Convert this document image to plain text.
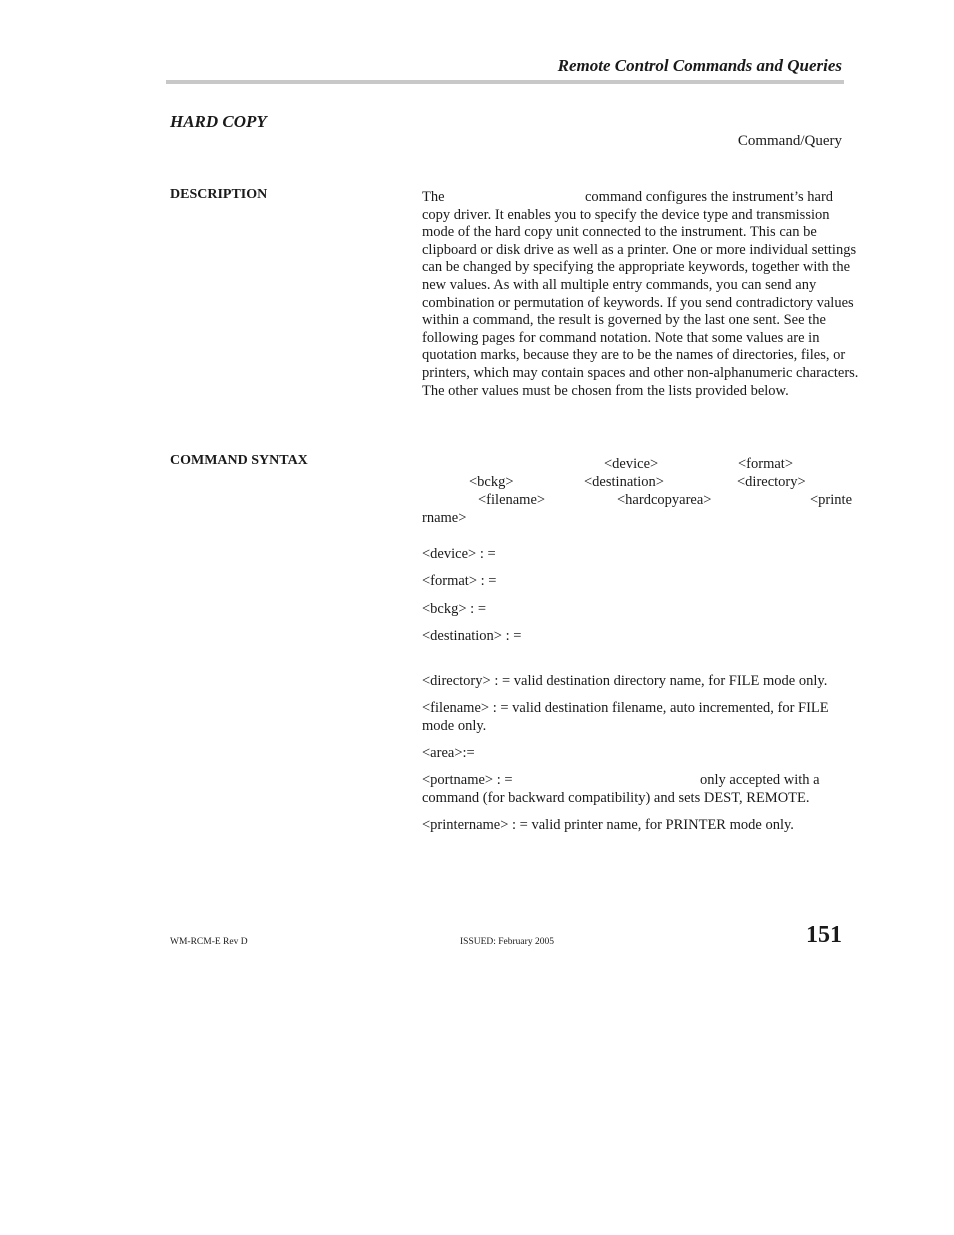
Remote Control Commands and Queries
HARD COPY
Command/Query
DESCRIPTION	The	command configures the instrument’s hard
copy driver. It enables you to specify the device type and transmission mode of the hard copy unit connected to the instrument. This can be clipboard or disk drive as well as a printer. One or more individual settings can be changed by specifying the appropriate keywords, together with the new values. As with all multiple entry commands, you can send any combination or permutation of keywords. If you send contradictory values within a command, the result is governed by the last one sent. See the following pages for command notation. Note that some values are in quotation marks, because they are to be the names of directories, files, or printers, which may contain spaces and other non-alphanumeric characters. The other values must be chosen from the lists provided below.
COMMAND SYNTAX	<device>	<format>
<bckg>	<destination>	<directory>
<filename>	<hardcopyarea>	<printe
rname>
<device> : =
<format> : =
<bckg> : =
<destination> : =
<directory> : = valid destination directory name, for FILE mode only.
<filename> : = valid destination filename, auto incremented, for FILE mode only.
<area>:=
<portname> : =	only accepted with a
command (for backward compatibility) and sets DEST, REMOTE.
<printername> : = valid printer name, for PRINTER mode only.
WM-RCM-E Rev D	ISSUED: February 2005	151
